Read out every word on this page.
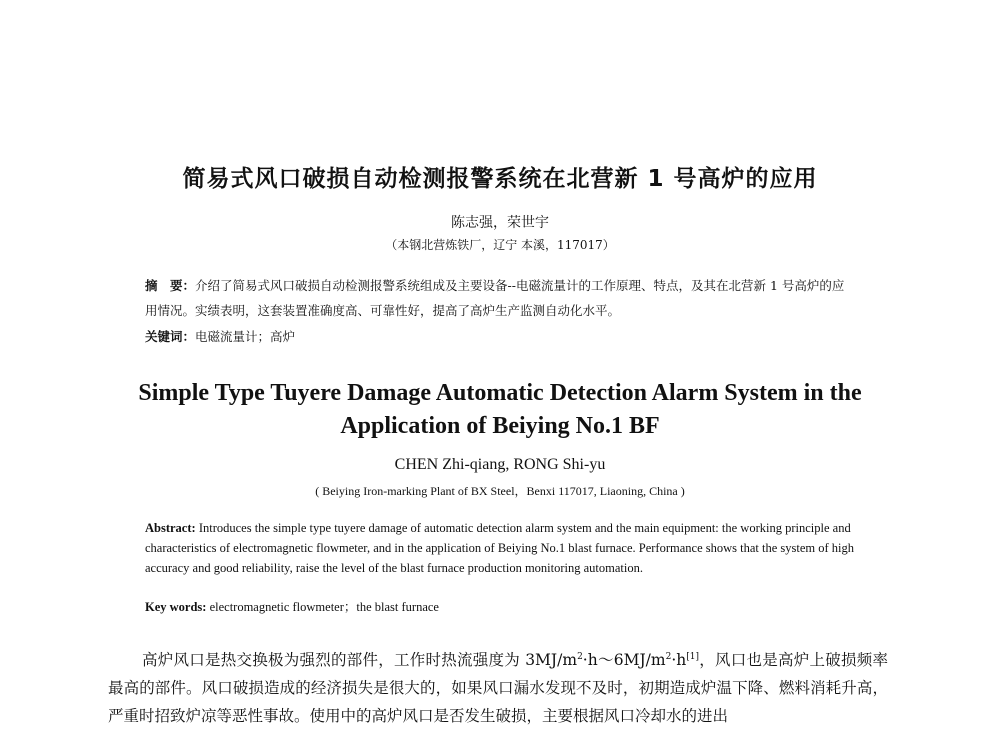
简易式风口破损自动检测报警系统在北营新 1 号高炉的应用
陈志强，荣世宇
（本钢北营炼铁厂，辽宁 本溪，117017）
摘　要：介绍了简易式风口破损自动检测报警系统组成及主要设备--电磁流量计的工作原理、特点，及其在北营新 1 号高炉的应用情况。实绩表明，这套装置准确度高、可靠性好，提高了高炉生产监测自动化水平。
关键词：电磁流量计；高炉
Simple Type Tuyere Damage Automatic Detection Alarm System in the Application of Beiying No.1 BF
CHEN Zhi-qiang, RONG Shi-yu
( Beiying Iron-marking Plant of BX Steel，Benxi 117017, Liaoning, China )
Abstract: Introduces the simple type tuyere damage of automatic detection alarm system and the main equipment: the working principle and characteristics of electromagnetic flowmeter, and in the application of Beiying No.1 blast furnace. Performance shows that the system of high accuracy and good reliability, raise the level of the blast furnace production monitoring automation.
Key words: electromagnetic flowmeter；the blast furnace
高炉风口是热交换极为强烈的部件，工作时热流强度为 $3MJ/m^2\cdot h\sim 6MJ/m^2\cdot h[1]$，风口也是高炉上破损频率最高的部件。风口破损造成的经济损失是很大的，如果风口漏水发现不及时，初期造成炉温下降、燃料消耗升高，严重时招致炉凉等恶性事故。使用中的高炉风口是否发生破损，主要根据风口冷却水的进出
